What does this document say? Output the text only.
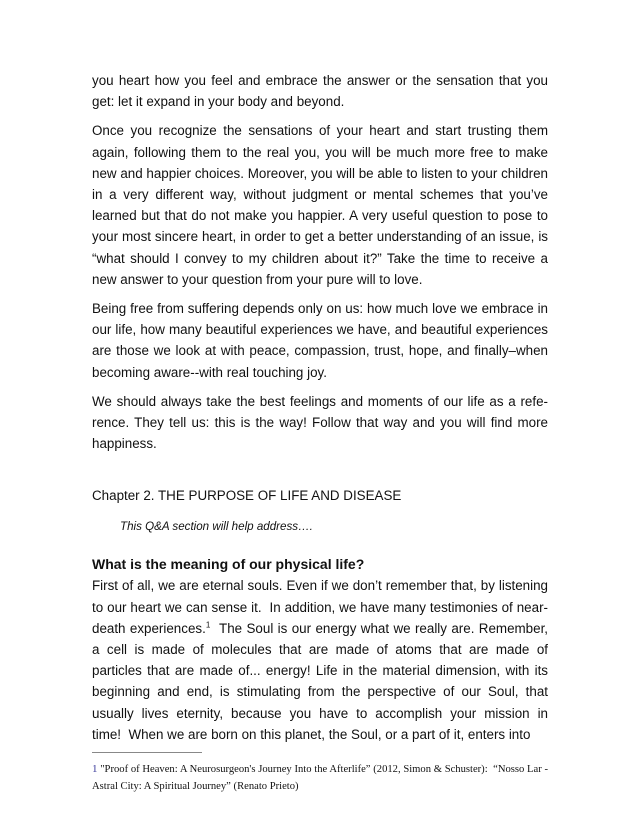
you heart how you feel and embrace the answer or the sensation that you get: let it expand in your body and beyond.

Once you recognize the sensations of your heart and start trusting them again, following them to the real you, you will be much more free to make new and happier choices. Moreover, you will be able to listen to your children in a very different way, without judgment or mental schemes that you’ve learned but that do not make you happier. A very useful question to pose to your most sincere heart, in order to get a better understanding of an issue, is “what should I convey to my children about it?” Take the time to receive a new answer to your question from your pure will to love.

Being free from suffering depends only on us: how much love we embrace in our life, how many beautiful experiences we have, and beautiful experiences are those we look at with peace, compassion, trust, hope, and finally–when becoming aware--with real touching joy.

We should always take the best feelings and moments of our life as a reference. They tell us: this is the way! Follow that way and you will find more happiness.

Chapter 2. THE PURPOSE OF LIFE AND DISEASE

This Q&A section will help address….

What is the meaning of our physical life?

First of all, we are eternal souls. Even if we don’t remember that, by listening to our heart we can sense it.  In addition, we have many testimonies of near-death experiences.$^1$  The Soul is our energy what we really are. Remember, a cell is made of molecules that are made of atoms that are made of particles that are made of... energy! Life in the material dimension, with its beginning and end, is stimulating from the perspective of our Soul, that usually lives eternity, because you have to accomplish your mission in time!  When we are born on this planet, the Soul, or a part of it, enters into

1 "Proof of Heaven: A Neurosurgeon's Journey Into the Afterlife” (2012, Simon & Schuster):  “Nosso Lar - Astral City: A Spiritual Journey” (Renato Prieto)
